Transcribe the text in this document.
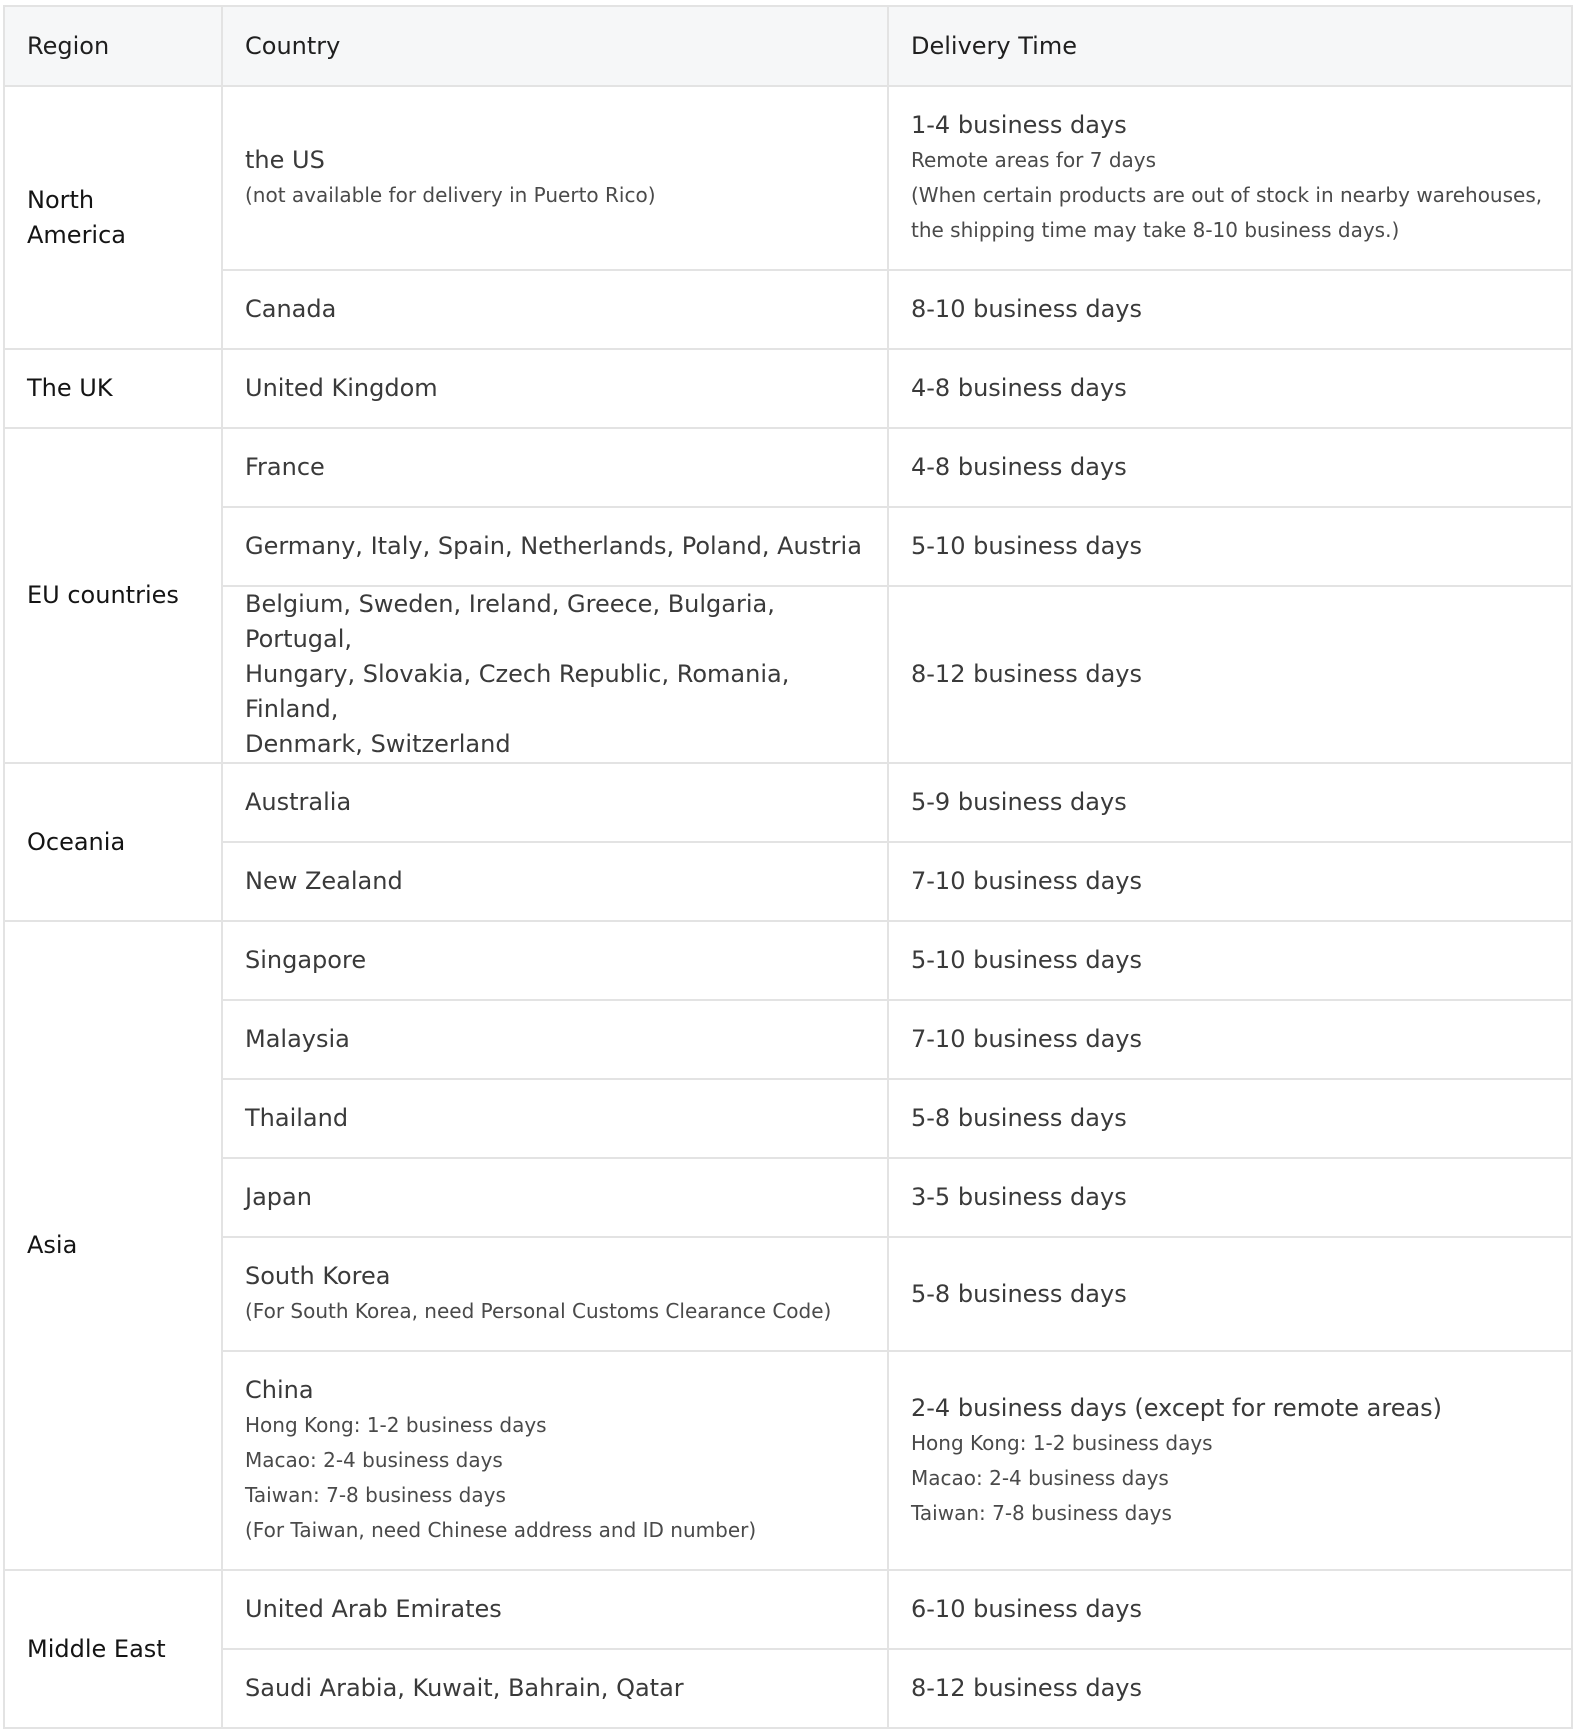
Region	Country	Delivery Time
North America	the US
(not available for delivery in Puerto Rico)	1-4 business days
Remote areas for 7 days
(When certain products are out of stock in nearby warehouses,
the shipping time may take 8-10 business days.)

	Canada	8-10 business days
The UK	United Kingdom	4-8 business days
EU countries	France	4-8 business days
	Germany, Italy, Spain, Netherlands, Poland, Austria	5-10 business days

	Belgium, Sweden, Ireland, Greece, Bulgaria, Portugal,
Hungary, Slovakia, Czech Republic, Romania, Finland,
Denmark, Switzerland	8-12 business days
Oceania	Australia	5-9 business days
	New Zealand	7-10 business days
Asia	Singapore	5-10 business days
	Malaysia	7-10 business days
	Thailand	5-8 business days
	Japan	3-5 business days

	South Korea
(For South Korea, need Personal Customs Clearance Code)	5-8 business days

	China
Hong Kong: 1-2 business days
Macao: 2-4 business days
Taiwan: 7-8 business days
(For Taiwan, need Chinese address and ID number)	2-4 business days (except for remote areas)
Hong Kong: 1-2 business days
Macao: 2-4 business days
Taiwan: 7-8 business days

Middle East	United Arab Emirates	6-10 business days
	Saudi Arabia, Kuwait, Bahrain, Qatar	8-12 business days
